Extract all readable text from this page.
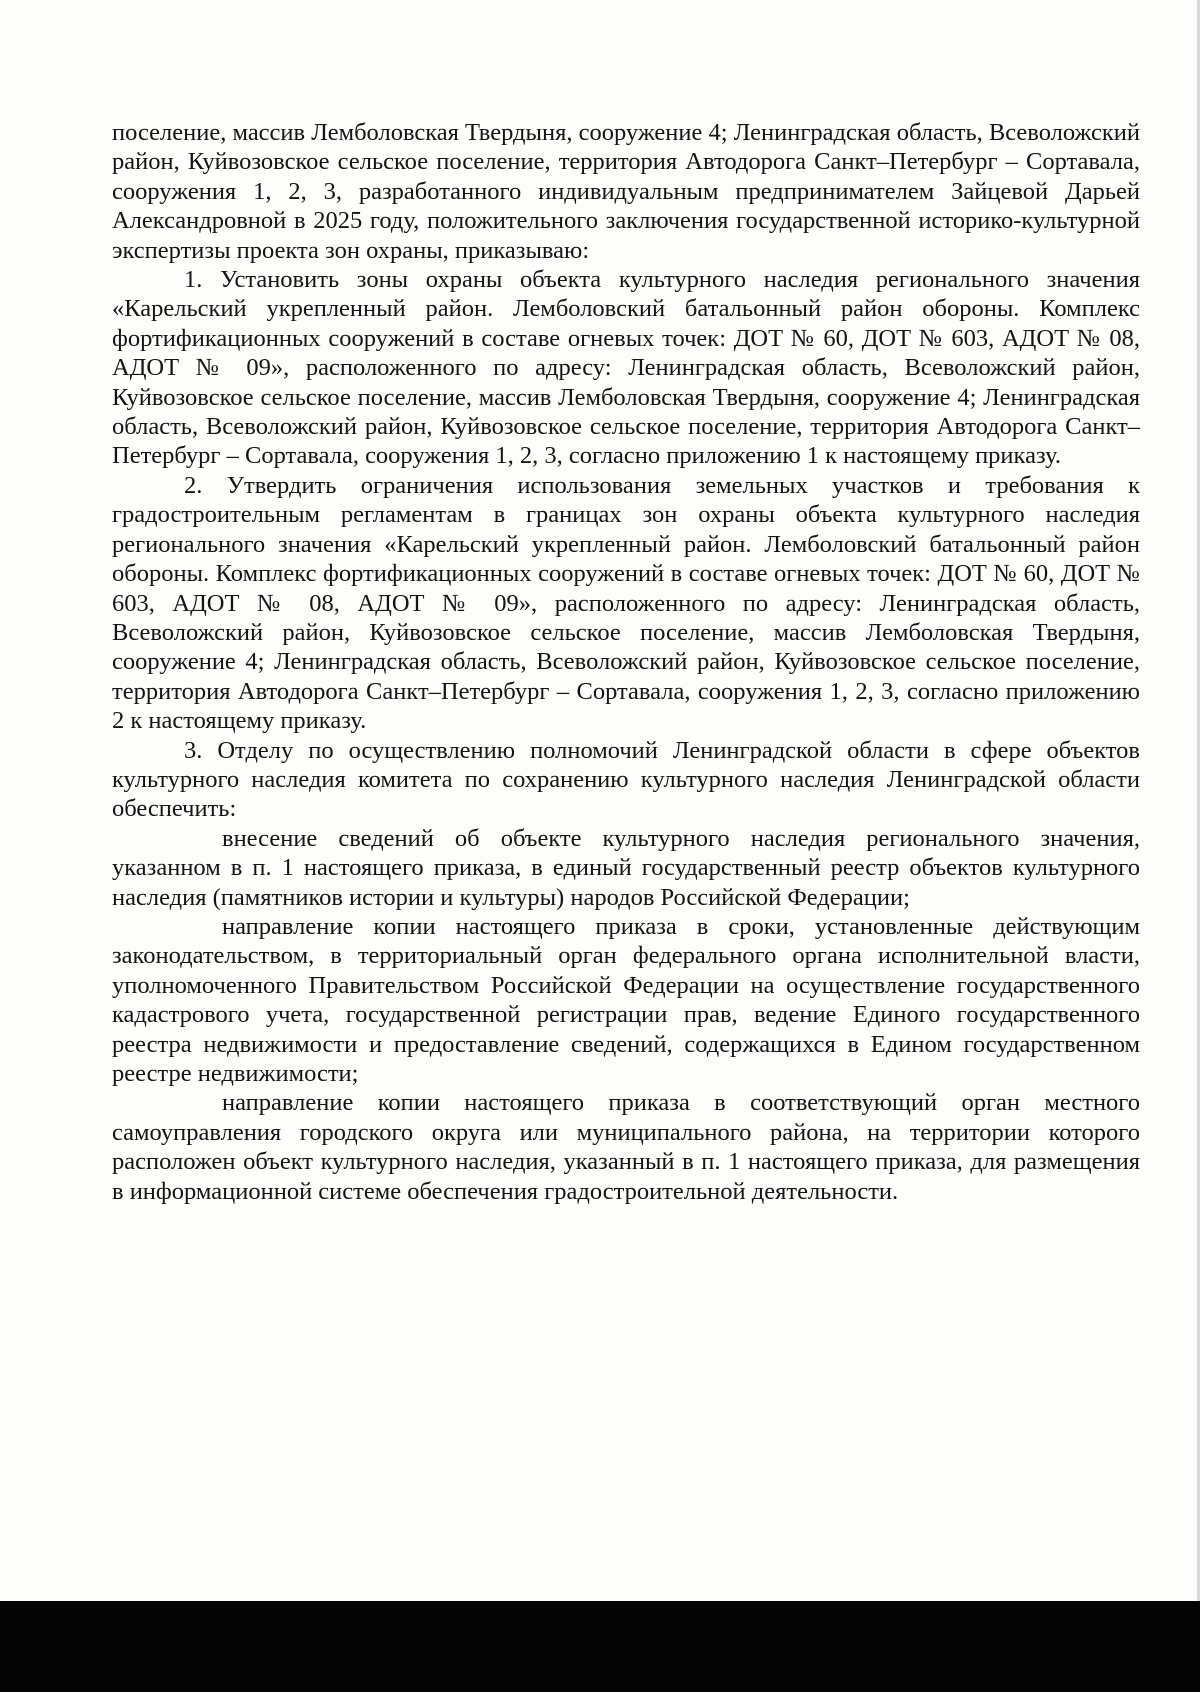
поселение, массив Лемболовская Твердыня, сооружение 4; Ленинградская область, Всеволожский район, Куйвозовское сельское поселение, территория Автодорога Санкт–Петербург – Сортавала, сооружения 1, 2, 3, разработанного индивидуальным предпринимателем Зайцевой Дарьей Александровной в 2025 году, положительного заключения государственной историко-культурной экспертизы проекта зон охраны, приказываю:

1. Установить зоны охраны объекта культурного наследия регионального значения «Карельский укрепленный район. Лемболовский батальонный район обороны. Комплекс фортификационных сооружений в составе огневых точек: ДОТ № 60, ДОТ № 603, АДОТ № 08, АДОТ № 09», расположенного по адресу: Ленинградская область, Всеволожский район, Куйвозовское сельское поселение, массив Лемболовская Твердыня, сооружение 4; Ленинградская область, Всеволожский район, Куйвозовское сельское поселение, территория Автодорога Санкт–Петербург – Сортавала, сооружения 1, 2, 3, согласно приложению 1 к настоящему приказу.

2. Утвердить ограничения использования земельных участков и требования к градостроительным регламентам в границах зон охраны объекта культурного наследия регионального значения «Карельский укрепленный район. Лемболовский батальонный район обороны. Комплекс фортификационных сооружений в составе огневых точек: ДОТ № 60, ДОТ № 603, АДОТ № 08, АДОТ № 09», расположенного по адресу: Ленинградская область, Всеволожский район, Куйвозовское сельское поселение, массив Лемболовская Твердыня, сооружение 4; Ленинградская область, Всеволожский район, Куйвозовское сельское поселение, территория Автодорога Санкт–Петербург – Сортавала, сооружения 1, 2, 3, согласно приложению 2 к настоящему приказу.

3. Отделу по осуществлению полномочий Ленинградской области в сфере объектов культурного наследия комитета по сохранению культурного наследия Ленинградской области обеспечить:

внесение сведений об объекте культурного наследия регионального значения, указанном в п. 1 настоящего приказа, в единый государственный реестр объектов культурного наследия (памятников истории и культуры) народов Российской Федерации;

направление копии настоящего приказа в сроки, установленные действующим законодательством, в территориальный орган федерального органа исполнительной власти, уполномоченного Правительством Российской Федерации на осуществление государственного кадастрового учета, государственной регистрации прав, ведение Единого государственного реестра недвижимости и предоставление сведений, содержащихся в Едином государственном реестре недвижимости;

направление копии настоящего приказа в соответствующий орган местного самоуправления городского округа или муниципального района, на территории которого расположен объект культурного наследия, указанный в п. 1 настоящего приказа, для размещения в информационной системе обеспечения градостроительной деятельности.
